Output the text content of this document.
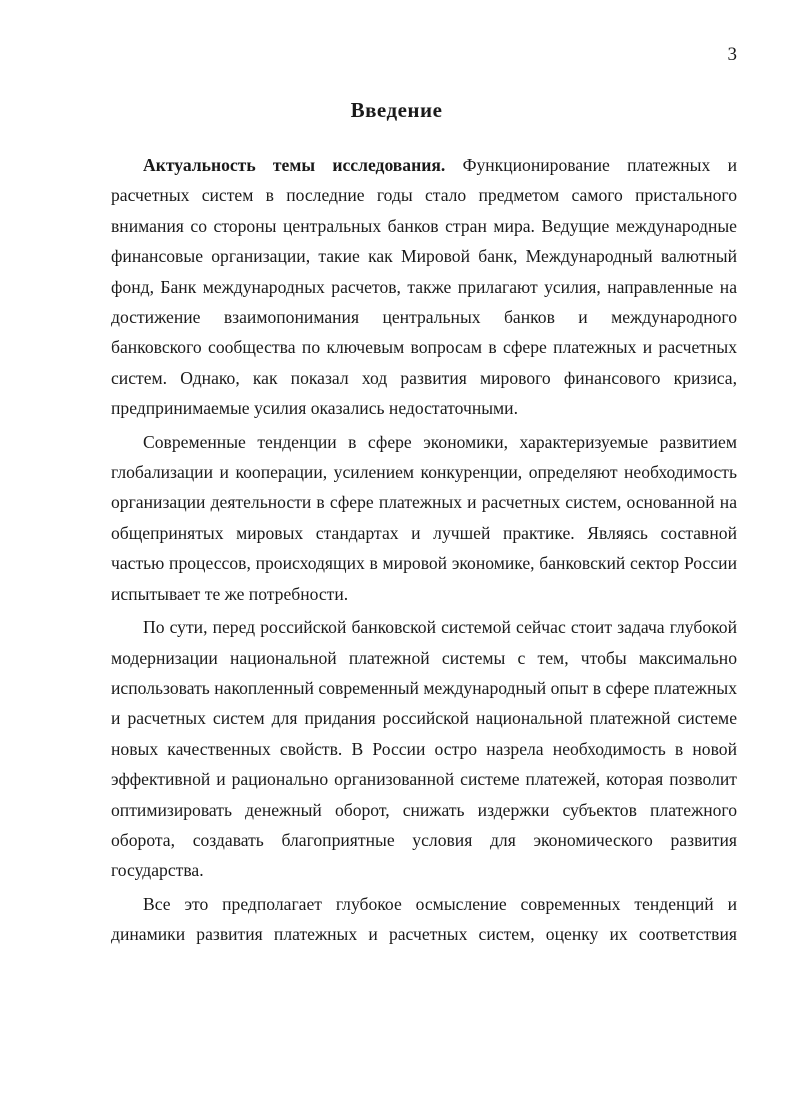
3
Введение

Актуальность темы исследования. Функционирование платежных и расчетных систем в последние годы стало предметом самого пристального внимания со стороны центральных банков стран мира. Ведущие международные финансовые организации, такие как Мировой банк, Международный валютный фонд, Банк международных расчетов, также прилагают усилия, направленные на достижение взаимопонимания центральных банков и международного банковского сообщества по ключевым вопросам в сфере платежных и расчетных систем. Однако, как показал ход развития мирового финансового кризиса, предпринимаемые усилия оказались недостаточными.

Современные тенденции в сфере экономики, характеризуемые развитием глобализации и кооперации, усилением конкуренции, определяют необходимость организации деятельности в сфере платежных и расчетных систем, основанной на общепринятых мировых стандартах и лучшей практике. Являясь составной частью процессов, происходящих в мировой экономике, банковский сектор России испытывает те же потребности.

По сути, перед российской банковской системой сейчас стоит задача глубокой модернизации национальной платежной системы с тем, чтобы максимально использовать накопленный современный международный опыт в сфере платежных и расчетных систем для придания российской национальной платежной системе новых качественных свойств. В России остро назрела необходимость в новой эффективной и рационально организованной системе платежей, которая позволит оптимизировать денежный оборот, снижать издержки субъектов платежного оборота, создавать благоприятные условия для экономического развития государства.

Все это предполагает глубокое осмысление современных тенденций и динамики развития платежных и расчетных систем, оценку их соответствия
